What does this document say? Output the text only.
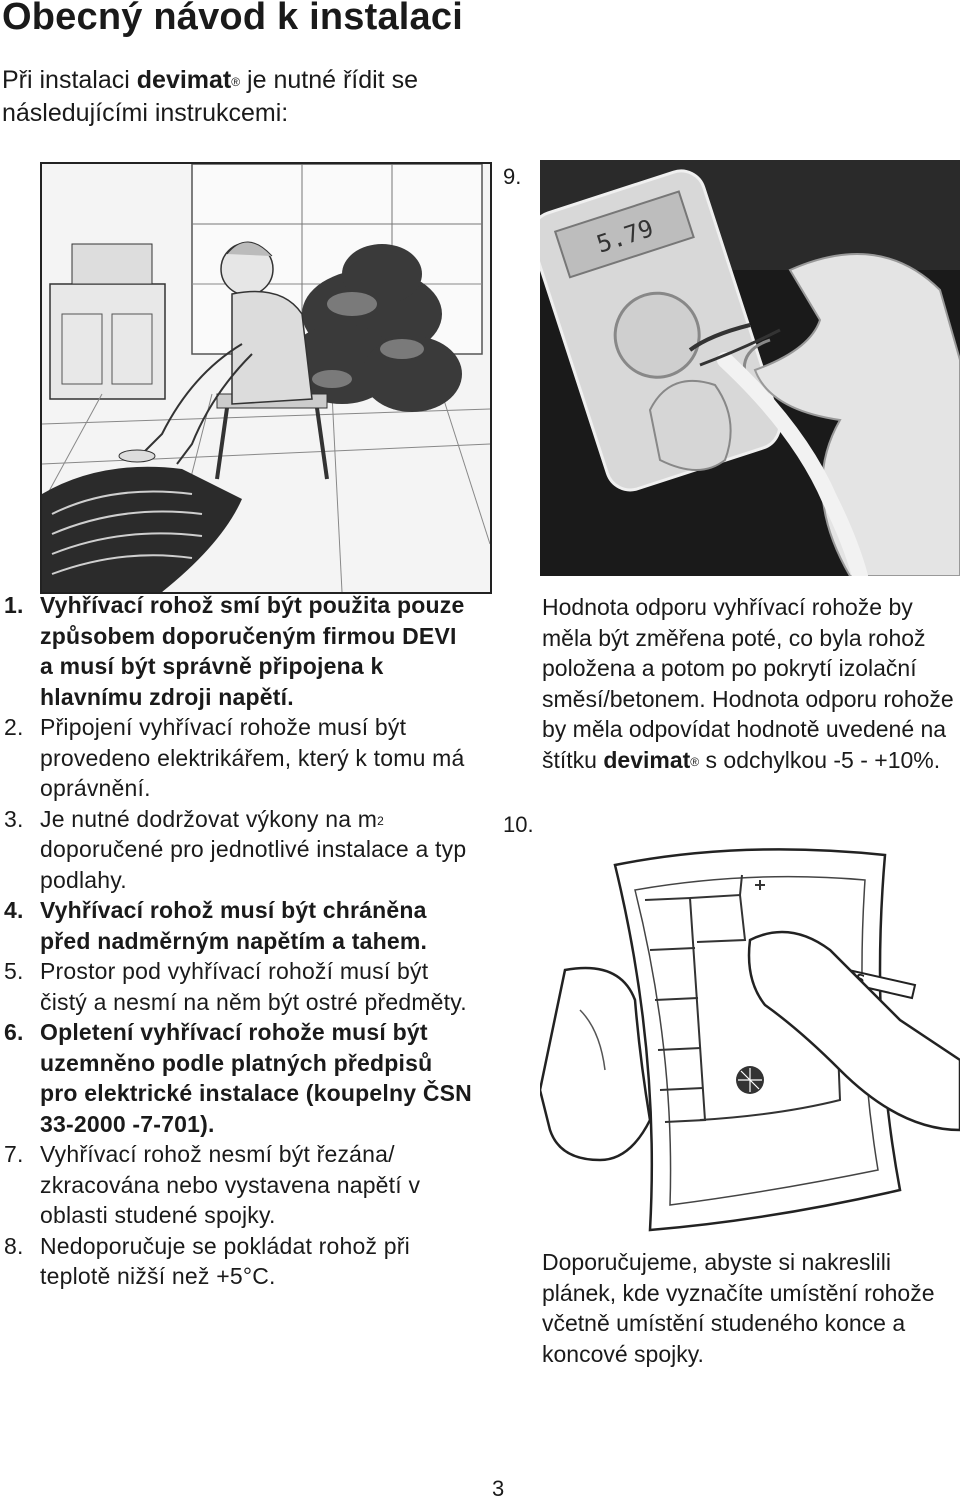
Obecný návod k instalaci
Při instalaci devimat® je nutné řídit se následujícími instrukcemi:
9.
5.79
1. Vyhřívací rohož smí být použita pouze způsobem doporučeným firmou DEVI a musí být správně připojena k hlavnímu zdroji napětí.
2. Připojení vyhřívací rohože musí být provedeno elektrikářem, který k tomu má oprávnění.
3. Je nutné dodržovat výkony na $m^2$ doporučené pro jednotlivé instalace a typ podlahy.
4. Vyhřívací rohož musí být chráněna před nadměrným napětím a tahem.
5. Prostor pod vyhřívací rohoží musí být čistý a nesmí na něm být ostré předměty.
6. Opletení vyhřívací rohože musí být uzemněno podle platných předpisů pro elektrické instalace (koupelny ČSN 33-2000 -7-701).
7. Vyhřívací rohož nesmí být řezána/ zkracována nebo vystavena napětí v oblasti studené spojky.
8. Nedoporučuje se pokládat rohož při teplotě nižší než +5°C.
Hodnota odporu vyhřívací rohože by měla být změřena poté, co byla rohož položena a potom po pokrytí izolační směsí/betonem. Hodnota odporu rohože by měla odpovídat hodnotě uvedené na štítku devimat® s odchylkou -5 - +10%.
10.
Doporučujeme, abyste si nakreslili plánek, kde vyznačíte umístění rohože včetně umístění studeného konce a koncové spojky.
3
